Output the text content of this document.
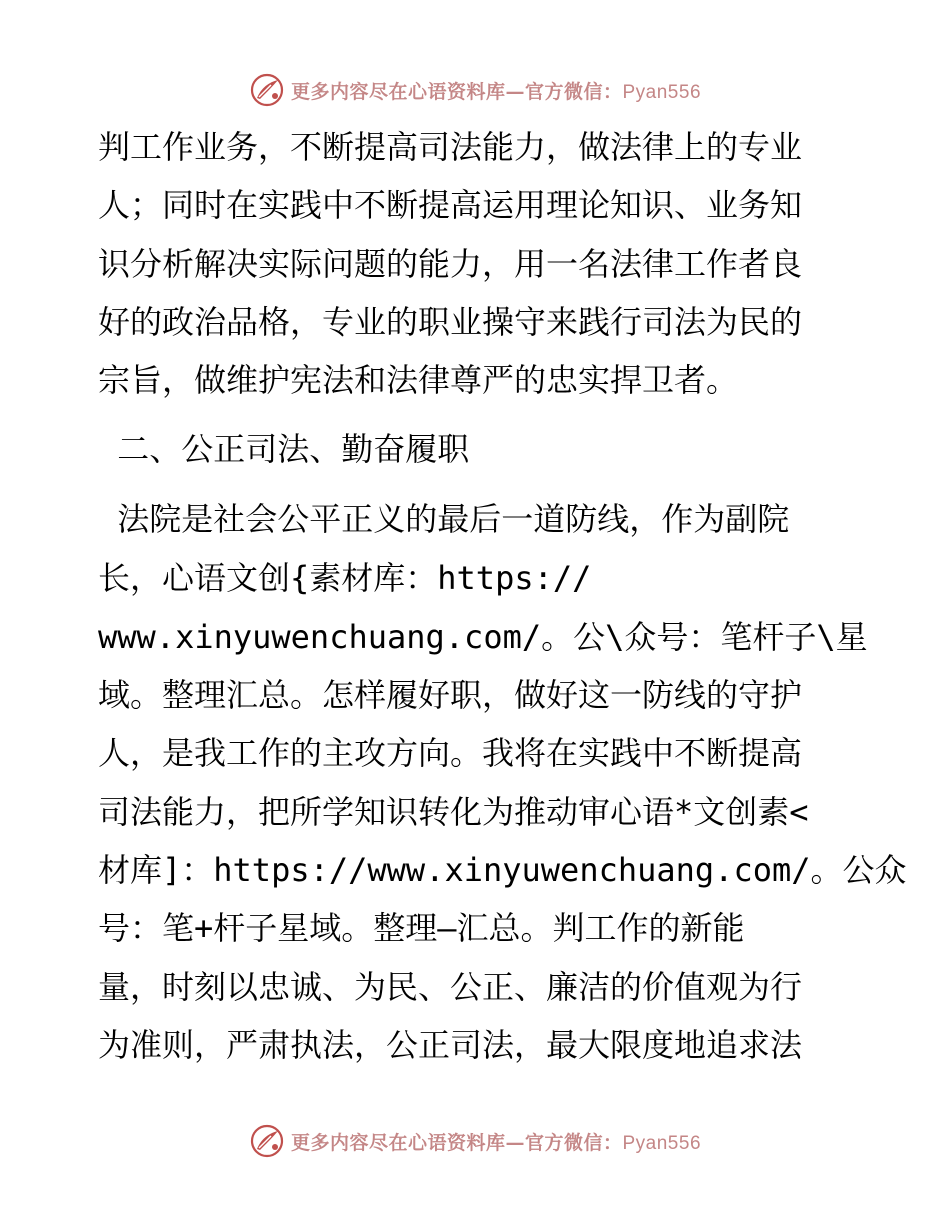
更多内容尽在心语资料库—官方微信：Pyan556
判工作业务，不断提高司法能力，做法律上的专业
人；同时在实践中不断提高运用理论知识、业务知
识分析解决实际问题的能力，用一名法律工作者良
好的政治品格，专业的职业操守来践行司法为民的
宗旨，做维护宪法和法律尊严的忠实捍卫者。
二、公正司法、勤奋履职
法院是社会公平正义的最后一道防线，作为副院
长，心语文创{素材库：https://
www.xinyuwenchuang.com/。公\众号：笔杆子\星
域。整理汇总。怎样履好职，做好这一防线的守护
人，是我工作的主攻方向。我将在实践中不断提高
司法能力，把所学知识转化为推动审心语*文创素<
材库]：https://www.xinyuwenchuang.com/。公众
号：笔+杆子星域。整理—汇总。判工作的新能
量，时刻以忠诚、为民、公正、廉洁的价值观为行
为准则，严肃执法，公正司法，最大限度地追求法
更多内容尽在心语资料库—官方微信：Pyan556
